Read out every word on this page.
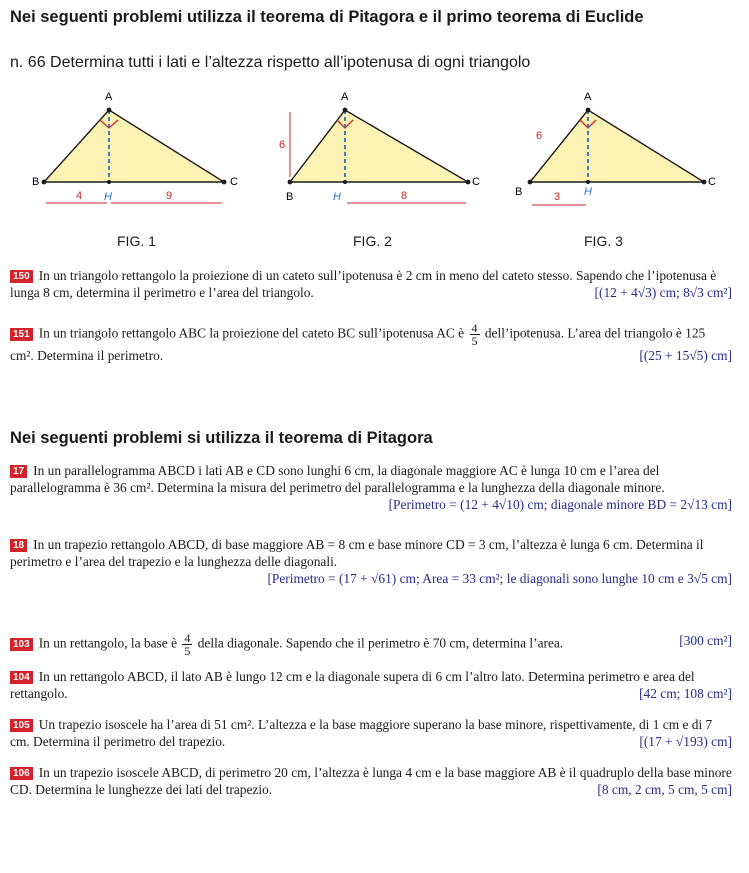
Nei seguenti problemi utilizza il teorema di Pitagora e il primo teorema di Euclide

n. 66 Determina tutti i lati e l’altezza rispetto all’ipotenusa di ogni triangolo

A
B	C
H
4	9
FIG. 1
A
B
C
H
6
8
FIG. 2
A
B
C
H
6
3
FIG. 3
150 In un triangolo rettangolo la proiezione di un cateto sull’ipotenusa è 2 cm in meno del cateto stesso. Sapendo che l’ipotenusa è lunga 8 cm, determina il perimetro e l’area del triangolo.	[(12 + 4√3) cm; 8√3 cm²]
151 In un triangolo rettangolo ABC la proiezione del cateto BC sull’ipotenusa AC è $\frac{4}{5}$ dell’ipotenusa. L’area del triangolo è 125 cm². Determina il perimetro.	[(25 + 15√5) cm]
Nei seguenti problemi si utilizza il teorema di Pitagora
17 In un parallelogramma ABCD i lati AB e CD sono lunghi 6 cm, la diagonale maggiore AC è lunga 10 cm e l’area del parallelogramma è 36 cm². Determina la misura del perimetro del parallelogramma e la lunghezza della diagonale minore.
[Perimetro = (12 + 4√10) cm; diagonale minore BD = 2√13 cm]
18 In un trapezio rettangolo ABCD, di base maggiore AB = 8 cm e base minore CD = 3 cm, l’altezza è lunga 6 cm. Determina il perimetro e l’area del trapezio e la lunghezza delle diagonali.
[Perimetro = (17 + √61) cm; Area = 33 cm²; le diagonali sono lunghe 10 cm e 3√5 cm]
103 In un rettangolo, la base è $\frac{4}{5}$ della diagonale. Sapendo che il perimetro è 70 cm, determina l’area.	[300 cm²]
104 In un rettangolo ABCD, il lato AB è lungo 12 cm e la diagonale supera di 6 cm l’altro lato. Determina perimetro e area del rettangolo.	[42 cm; 108 cm²]
105 Un trapezio isoscele ha l’area di 51 cm². L’altezza e la base maggiore superano la base minore, rispettivamente, di 1 cm e di 7 cm. Determina il perimetro del trapezio.	[(17 + √193) cm]
106 In un trapezio isoscele ABCD, di perimetro 20 cm, l’altezza è lunga 4 cm e la base maggiore AB è il quadruplo della base minore CD. Determina le lunghezze dei lati del trapezio.	[8 cm, 2 cm, 5 cm, 5 cm]
